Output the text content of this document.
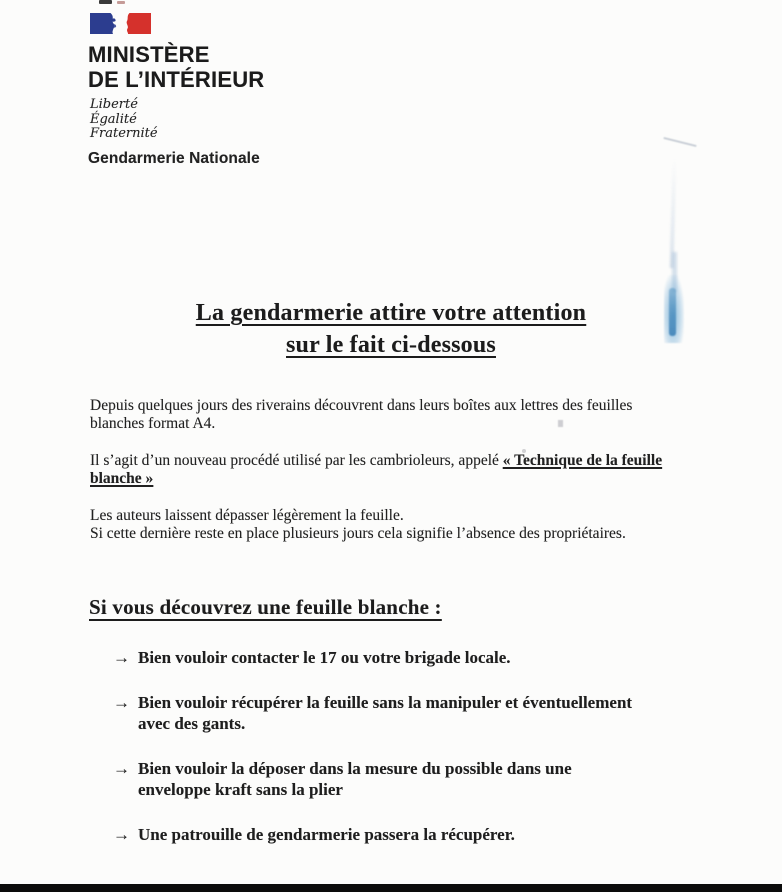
MINISTÈRE
DE L’INTÉRIEUR
Liberté
Égalité
Fraternité
Gendarmerie Nationale
La gendarmerie attire votre attention
sur le fait ci-dessous

Depuis quelques jours des riverains découvrent dans leurs boîtes aux lettres des feuilles
blanches format A4.

Il s’agit d’un nouveau procédé utilisé par les cambrioleurs, appelé « Technique de la feuille
blanche »

Les auteurs laissent dépasser légèrement la feuille.
Si cette dernière reste en place plusieurs jours cela signifie l’absence des propriétaires.

Si vous découvrez une feuille blanche :
→ Bien vouloir contacter le 17 ou votre brigade locale.
→ Bien vouloir récupérer la feuille sans la manipuler et éventuellement
avec des gants.
→ Bien vouloir la déposer dans la mesure du possible dans une
enveloppe kraft sans la plier
→ Une patrouille de gendarmerie passera la récupérer.
